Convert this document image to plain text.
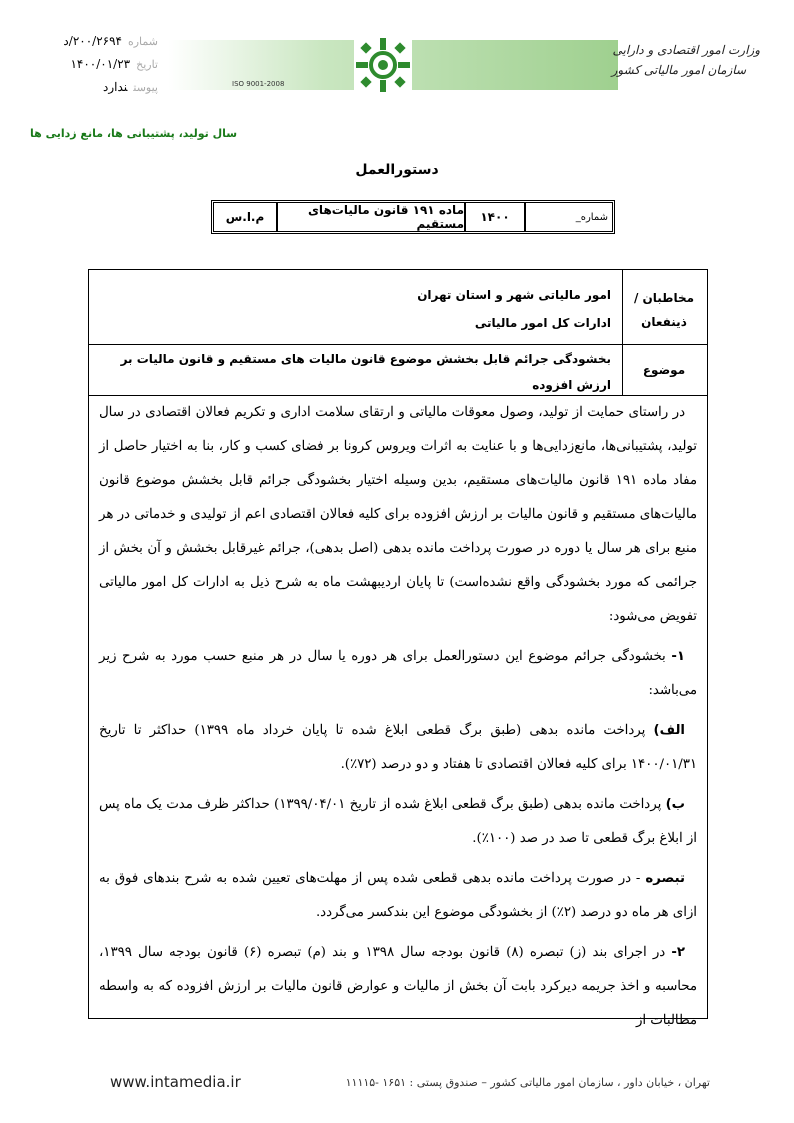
شماره۲۰۰/۲۶۹۴/د
تاریخ۱۴۰۰/۰۱/۲۳
پیوستندارد	ISO 9001-2008
وزارت امور اقتصادی و دارایی
سازمان امور مالیاتی کشور
سال تولید، پشتیبانی ها، مانع زدایی ها
دستورالعمل
شماره_
۱۴۰۰
ماده ۱۹۱ قانون مالیات‌های مستقیم
م.ا.س
مخاطبان / ذینفعان
امور مالیاتی شهر و استان تهران
ادارات کل امور مالیاتی
موضوع
بخشودگی جرائم قابل بخشش موضوع قانون مالیات های مستقیم و قانون مالیات بر ارزش افزوده

در راستای حمایت از تولید، وصول معوقات مالیاتی و ارتقای سلامت اداری و تکریم فعالان اقتصادی در سال تولید، پشتیبانی‌ها، مانع‌زدایی‌ها و با عنایت به اثرات ویروس کرونا بر فضای کسب و کار، بنا به اختیار حاصل از مفاد ماده ۱۹۱ قانون مالیات‌های مستقیم، بدین وسیله اختیار بخشودگی جرائم قابل بخشش موضوع قانون مالیات‌های مستقیم و قانون مالیات بر ارزش افزوده برای کلیه فعالان اقتصادی اعم از تولیدی و خدماتی در هر منبع برای هر سال یا دوره در صورت پرداخت مانده بدهی (اصل بدهی)، جرائم غیرقابل بخشش و آن بخش از جرائمی که مورد بخشودگی واقع نشده‌است) تا پایان اردیبهشت ماه به شرح ذیل به ادارات کل امور مالیاتی تفویض می‌شود:

۱- بخشودگی جرائم موضوع این دستورالعمل برای هر دوره یا سال در هر منبع حسب مورد به شرح زیر می‌باشد:

الف) پرداخت مانده بدهی (طبق برگ قطعی ابلاغ شده تا پایان خرداد ماه ۱۳۹۹) حداکثر تا تاریخ ۱۴۰۰/۰۱/۳۱ برای کلیه فعالان اقتصادی تا هفتاد و دو درصد (۷۲٪).

ب) پرداخت مانده بدهی (طبق برگ قطعی ابلاغ شده از تاریخ ۱۳۹۹/۰۴/۰۱) حداکثر ظرف مدت یک ماه پس از ابلاغ برگ قطعی تا صد در صد (۱۰۰٪).

تبصره - در صورت پرداخت مانده بدهی قطعی شده پس از مهلت‌های تعیین شده به شرح بندهای فوق به ازای هر ماه دو درصد (۲٪) از بخشودگی موضوع این بندکسر می‌گردد.

۲- در اجرای بند (ز) تبصره (۸) قانون بودجه سال ۱۳۹۸ و بند (م) تبصره (۶) قانون بودجه سال ۱۳۹۹، محاسبه و اخذ جریمه دیرکرد بابت آن بخش از مالیات و عوارض قانون مالیات بر ارزش افزوده که به واسطه مطالبات از

www.intamedia.ir	تهران ، خیابان داور ، سازمان امور مالیاتی کشور – صندوق پستی : ۱۶۵۱ -۱۱۱۱۵
